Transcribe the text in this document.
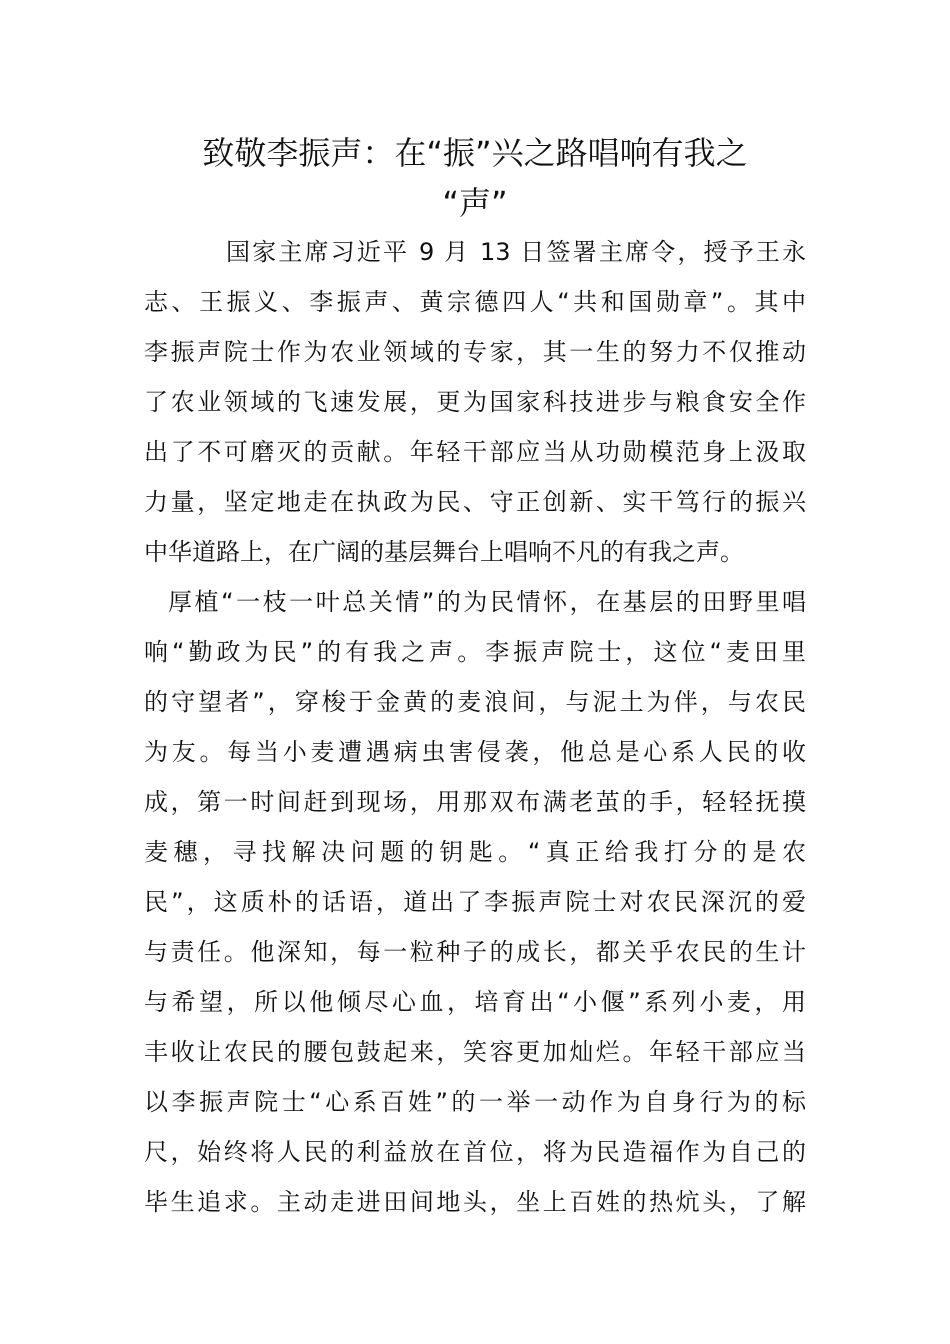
致敬李振声：在“振”兴之路唱响有我之
“声”
国家主席习近平 9 月 13 日签署主席令，授予王永
志、王振义、李振声、黄宗德四人“共和国勋章”。其中
李振声院士作为农业领域的专家，其一生的努力不仅推动
了农业领域的飞速发展，更为国家科技进步与粮食安全作
出了不可磨灭的贡献。年轻干部应当从功勋模范身上汲取
力量，坚定地走在执政为民、守正创新、实干笃行的振兴
中华道路上，在广阔的基层舞台上唱响不凡的有我之声。
厚植“一枝一叶总关情”的为民情怀，在基层的田野里唱
响“勤政为民”的有我之声。李振声院士，这位“麦田里
的守望者”，穿梭于金黄的麦浪间，与泥土为伴，与农民
为友。每当小麦遭遇病虫害侵袭，他总是心系人民的收
成，第一时间赶到现场，用那双布满老茧的手，轻轻抚摸
麦穗，寻找解决问题的钥匙。“真正给我打分的是农
民”，这质朴的话语，道出了李振声院士对农民深沉的爱
与责任。他深知，每一粒种子的成长，都关乎农民的生计
与希望，所以他倾尽心血，培育出“小偃”系列小麦，用
丰收让农民的腰包鼓起来，笑容更加灿烂。年轻干部应当
以李振声院士“心系百姓”的一举一动作为自身行为的标
尺，始终将人民的利益放在首位，将为民造福作为自己的
毕生追求。主动走进田间地头，坐上百姓的热炕头，了解
